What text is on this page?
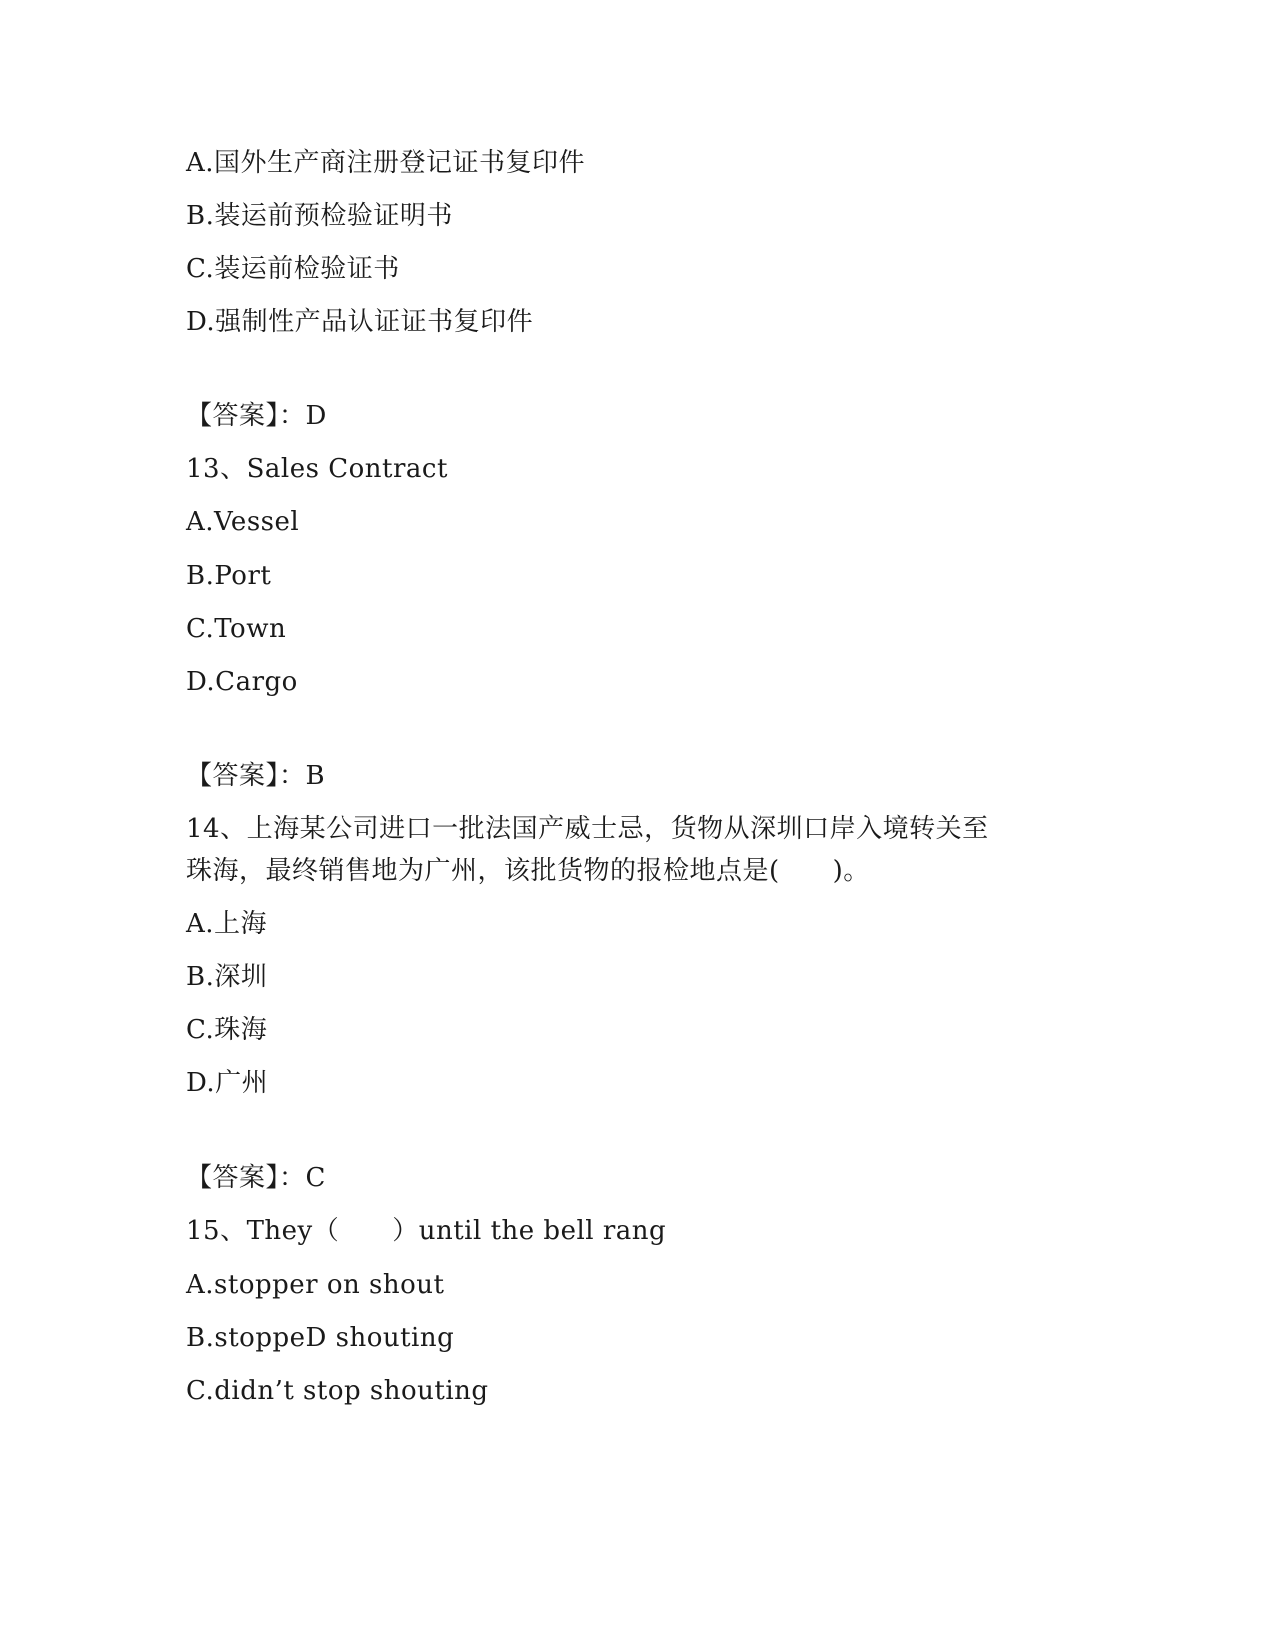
A.国外生产商注册登记证书复印件
B.装运前预检验证明书
C.装运前检验证书
D.强制性产品认证证书复印件
【答案】：D
13、Sales Contract
A.Vessel
B.Port
C.Town
D.Cargo
【答案】：B
14、上海某公司进口一批法国产威士忌，货物从深圳口岸入境转关至
珠海，最终销售地为广州，该批货物的报检地点是(　　)。
A.上海
B.深圳
C.珠海
D.广州
【答案】：C
15、They（　　）until the bell rang
A.stopper on shout
B.stoppeD shouting
C.didn’t stop shouting
